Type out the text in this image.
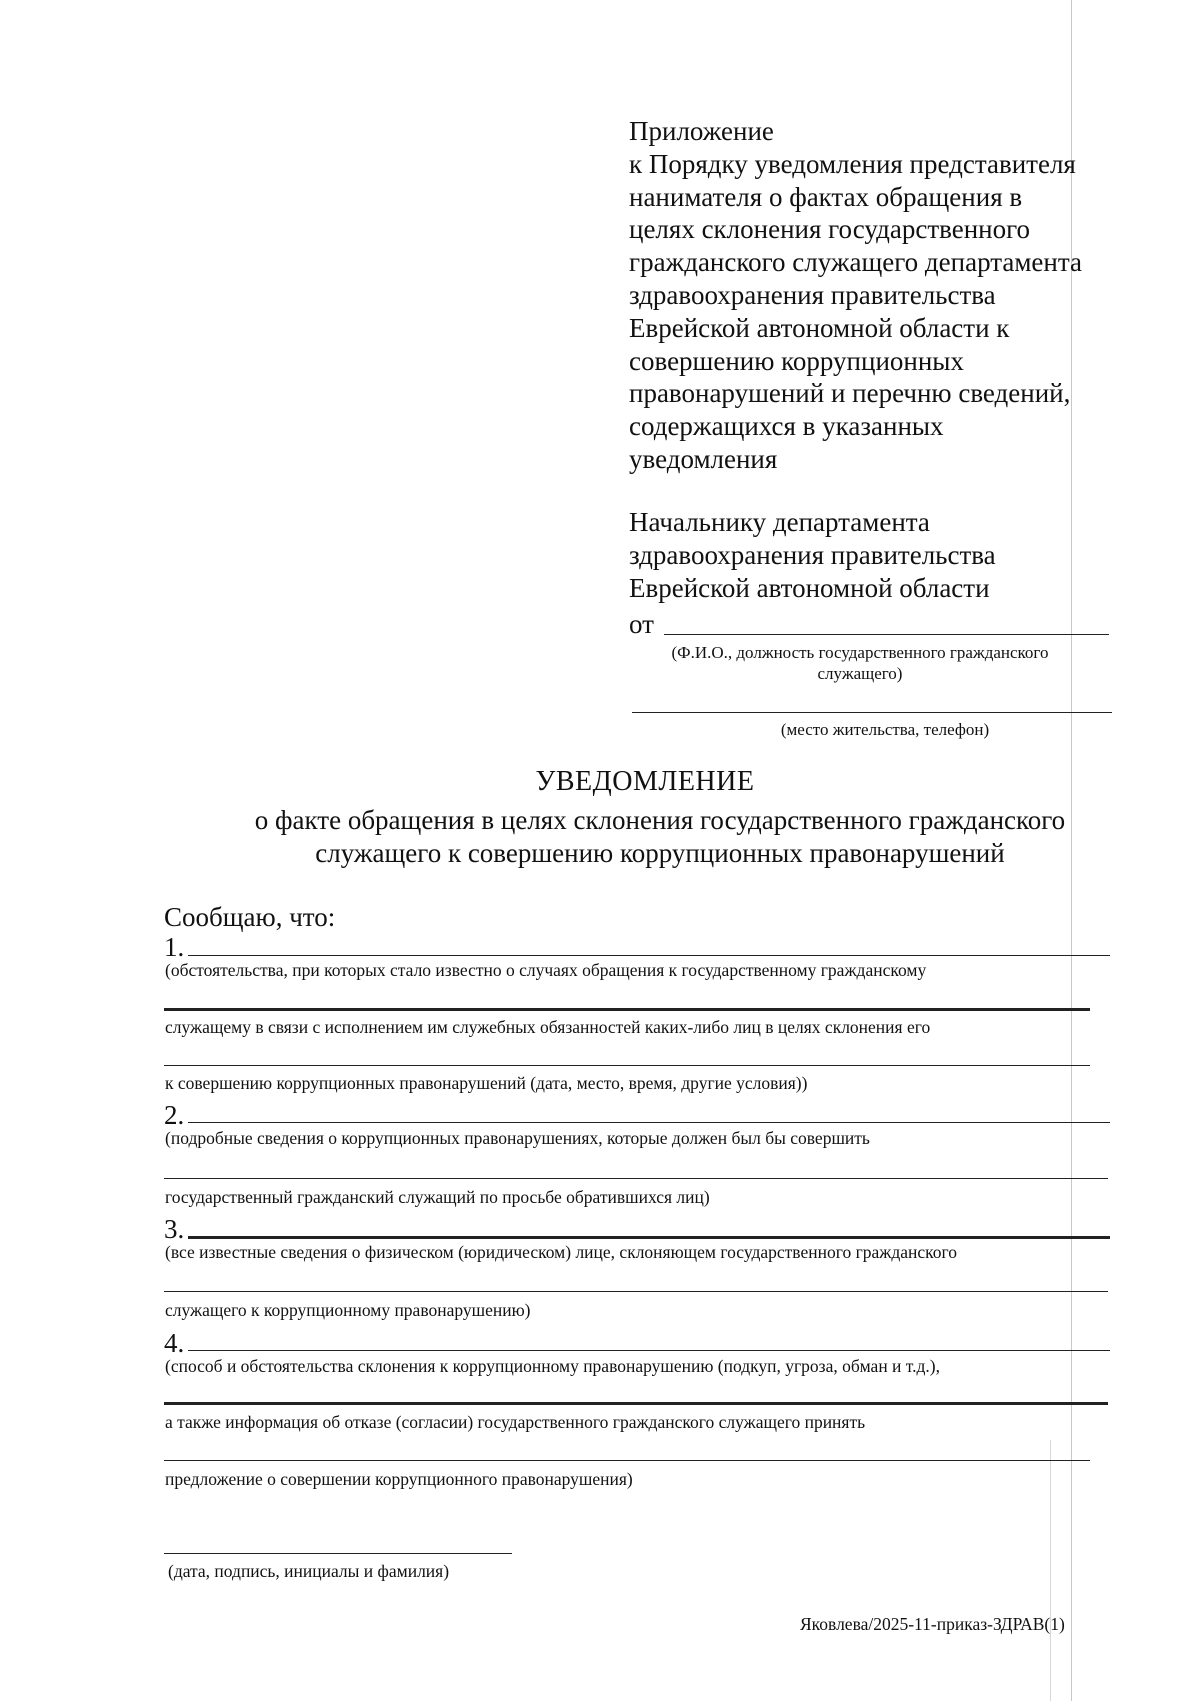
Приложение
к Порядку уведомления представителя
нанимателя о фактах обращения в
целях склонения государственного
гражданского служащего департамента
здравоохранения правительства
Еврейской автономной области к
совершению коррупционных
правонарушений и перечню сведений,
содержащихся в указанных
уведомления
Начальнику департамента
здравоохранения правительства
Еврейской автономной области
от
(Ф.И.О., должность государственного гражданского
служащего)
(место жительства, телефон)
УВЕДОМЛЕНИЕ
о факте обращения в целях склонения государственного гражданского
служащего к совершению коррупционных правонарушений
Сообщаю, что:
1.
(обстоятельства, при которых стало известно о случаях обращения к государственному гражданскому
служащему в связи с исполнением им служебных обязанностей каких-либо лиц в целях склонения его
к совершению коррупционных правонарушений (дата, место, время, другие условия))
2.
(подробные сведения о коррупционных правонарушениях, которые должен был бы совершить
государственный гражданский служащий по просьбе обратившихся лиц)
3.
(все известные сведения о физическом (юридическом) лице, склоняющем государственного гражданского
служащего к коррупционному правонарушению)
4.
(способ и обстоятельства склонения к коррупционному правонарушению (подкуп, угроза, обман и т.д.),
а также информация об отказе (согласии) государственного гражданского служащего принять
предложение о совершении коррупционного правонарушения)
(дата, подпись, инициалы и фамилия)
Яковлева/2025-11-приказ-ЗДРАВ(1)
